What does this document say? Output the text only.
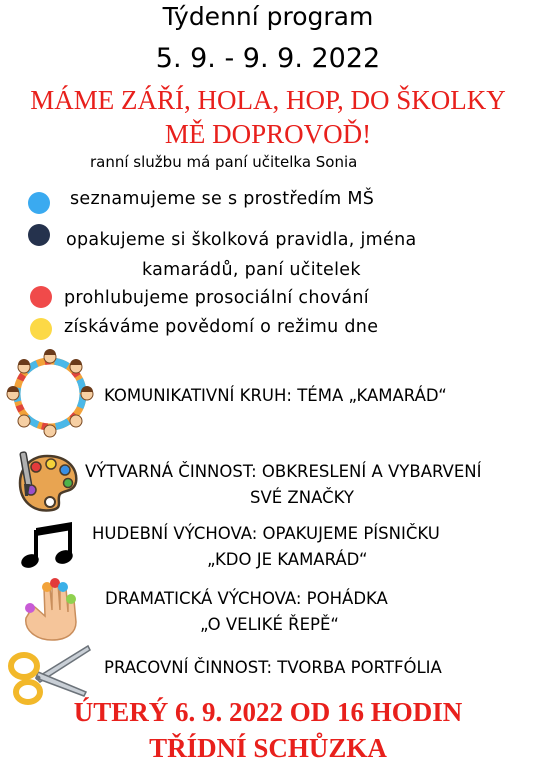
Týdenní program
5. 9. - 9. 9. 2022
MÁME ZÁŘÍ, HOLA, HOP, DO ŠKOLKY
MĚ DOPROVOĎ!
ranní službu má paní učitelka Sonia
seznamujeme se s prostředím MŠ
opakujeme si školková pravidla, jména
kamarádů, paní učitelek
prohlubujeme prosociální chování
získáváme povědomí o režimu dne
KOMUNIKATIVNÍ KRUH: TÉMA „KAMARÁD“
VÝTVARNÁ ČINNOST: OBKRESLENÍ A VYBARVENÍ
SVÉ ZNAČKY
HUDEBNÍ VÝCHOVA: OPAKUJEME PÍSNIČKU
„KDO JE KAMARÁD“
DRAMATICKÁ VÝCHOVA: POHÁDKA
„O VELIKÉ ŘEPĚ“
PRACOVNÍ ČINNOST: TVORBA PORTFÓLIA
ÚTERÝ 6. 9. 2022 OD 16 HODIN
TŘÍDNÍ SCHŮZKA
